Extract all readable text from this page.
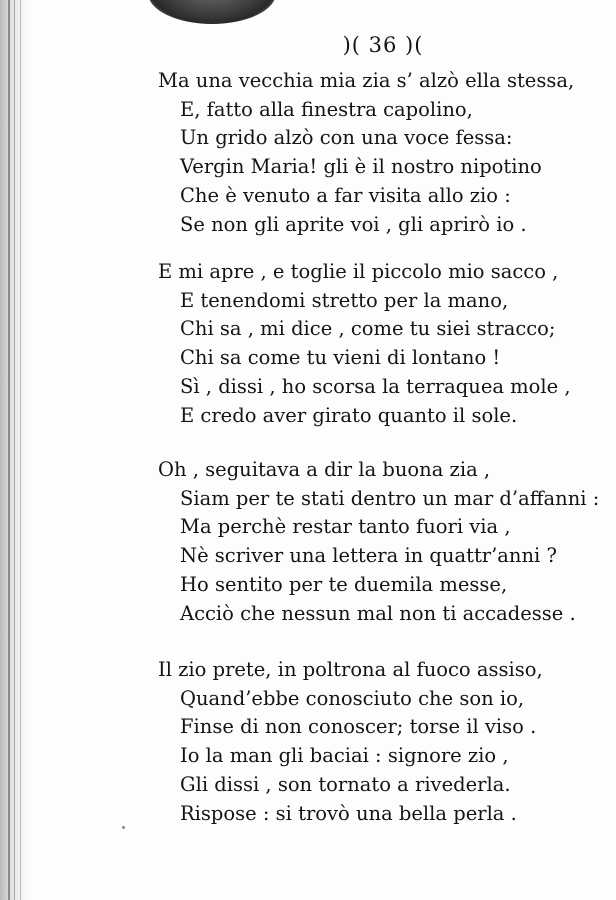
)( 36 )(
Ma una vecchia mia zia s’ alzò ella stessa,
E, fatto alla finestra capolino,
Un grido alzò con una voce fessa:
Vergin Maria! gli è il nostro nipotino
Che è venuto a far visita allo zio :
Se non gli aprite voi , gli aprirò io .
E mi apre , e toglie il piccolo mio sacco ,
E tenendomi stretto per la mano,
Chi sa , mi dice , come tu siei stracco;
Chi sa come tu vieni di lontano !
Sì , dissi , ho scorsa la terraquea mole ,
E credo aver girato quanto il sole.
Oh , seguitava a dir la buona zia ,
Siam per te stati dentro un mar d’affanni :
Ma perchè restar tanto fuori via ,
Nè scriver una lettera in quattr’anni ?
Ho sentito per te duemila messe,
Acciò che nessun mal non ti accadesse .
Il zio prete, in poltrona al fuoco assiso,
Quand’ebbe conosciuto che son io,
Finse di non conoscer; torse il viso .
Io la man gli baciai : signore zio ,
Gli dissi , son tornato a rivederla.
Rispose : si trovò una bella perla .
